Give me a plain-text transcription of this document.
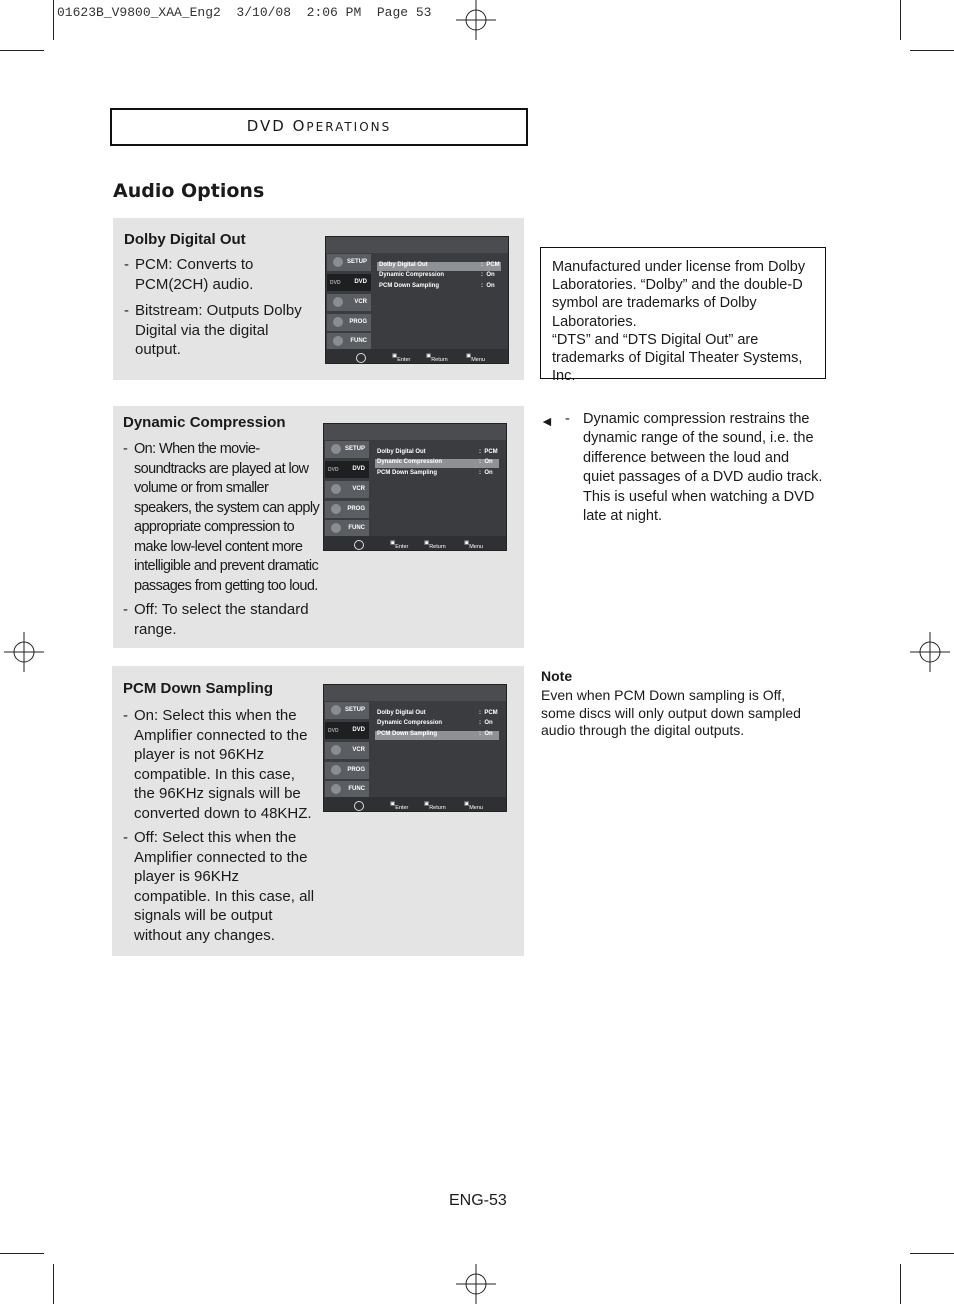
01623B_V9800_XAA_Eng2  3/10/08  2:06 PM  Page 53
DVD OPERATIONS
Audio Options
Dolby Digital Out
- PCM: Converts to PCM(2CH) audio.
- Bitstream: Outputs Dolby Digital via the digital output.
SETUP
DVD DVD
VCR
PROG
FUNC
Dolby Digital Out	: PCM
Dynamic Compression	: On
PCM Down Sampling	: On
▣
Enter
▣
Return
▣
Menu
Dynamic Compression
- On: When the movie-soundtracks are played at low volume or from smaller speakers, the system can apply appropriate compression to make low-level content more intelligible and prevent dramatic passages from getting too loud.
- Off: To select the standard range.
SETUP
DVD DVD
VCR
PROG
FUNC
Dolby Digital Out	: PCM
Dynamic Compression	: On
PCM Down Sampling	: On
▣
Enter
▣
Return
▣
Menu
PCM Down Sampling
- On: Select this when the Amplifier connected to the player is not 96KHz compatible. In this case, the 96KHz signals will be converted down to 48KHZ.
- Off: Select this when the Amplifier connected to the player is 96KHz compatible. In this case, all signals will be output without any changes.
SETUP
DVD DVD
VCR
PROG
FUNC
Dolby Digital Out	: PCM
Dynamic Compression	: On
PCM Down Sampling	: On
▣
Enter
▣
Return
▣
Menu
Manufactured under license from Dolby Laboratories. “Dolby” and the double-D symbol are trademarks of Dolby Laboratories.
“DTS” and “DTS Digital Out” are trademarks of Digital Theater Systems, Inc.
◄ - Dynamic compression restrains the dynamic range of the sound, i.e. the difference between the loud and quiet passages of a DVD audio track. This is useful when watching a DVD late at night.
Note
Even when PCM Down sampling is Off, some discs will only output down sampled audio through the digital outputs.
ENG-53
